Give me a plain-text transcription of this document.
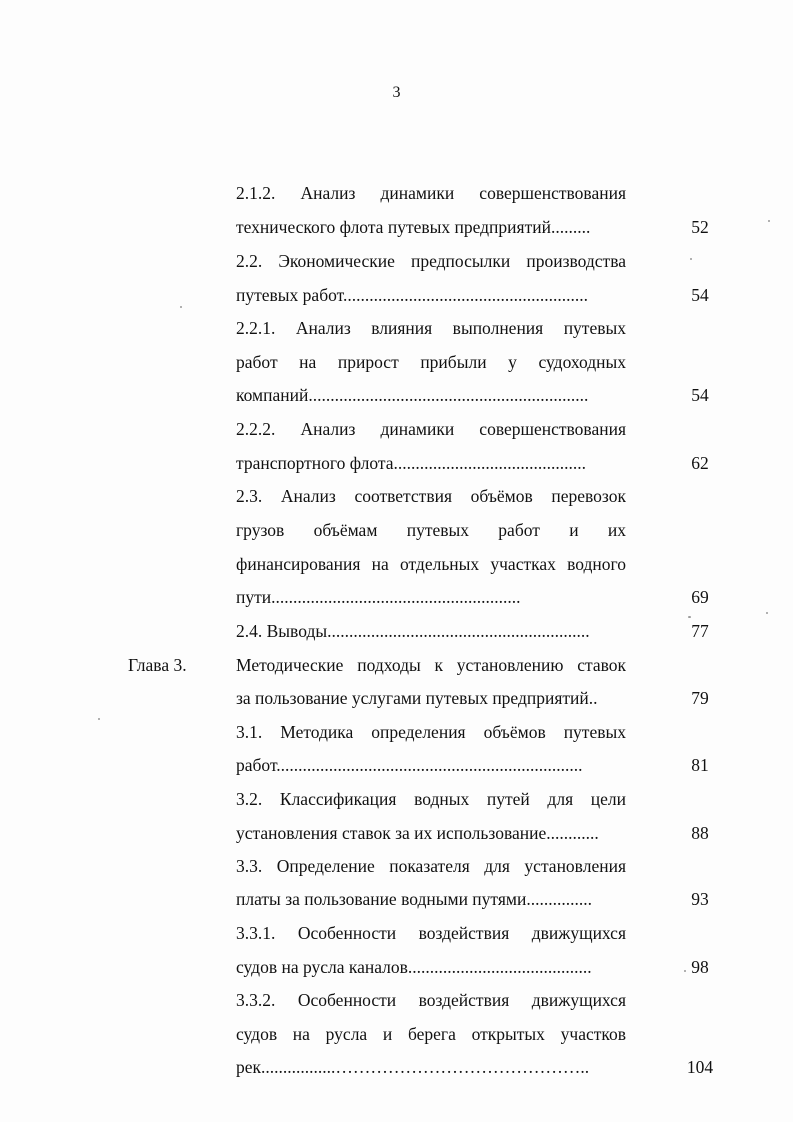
3
2.1.2. Анализ динамики совершенствования
технического флота путевых предприятий.........	52
2.2. Экономические предпосылки производства
путевых работ........................................................	54
2.2.1. Анализ влияния выполнения путевых
работ на прирост прибыли у судоходных
компаний................................................................	54
2.2.2. Анализ динамики совершенствования
транспортного флота............................................	62
2.3. Анализ соответствия объёмов перевозок
грузов объёмам путевых работ и их
финансирования на отдельных участках водного
пути.........................................................	69
2.4. Выводы............................................................	77
Глава 3.	Методические подходы к установлению ставок
за пользование услугами путевых предприятий..	79
3.1. Методика определения объёмов путевых
работ......................................................................	81
3.2. Классификация водных путей для цели
установления ставок за их использование............	88
3.3. Определение показателя для установления
платы за пользование водными путями...............	93
3.3.1. Особенности воздействия движущихся
судов на русла каналов..........................................	98
3.3.2. Особенности воздействия движущихся
судов на русла и берега открытых участков
рек.................……………………………………..	104
